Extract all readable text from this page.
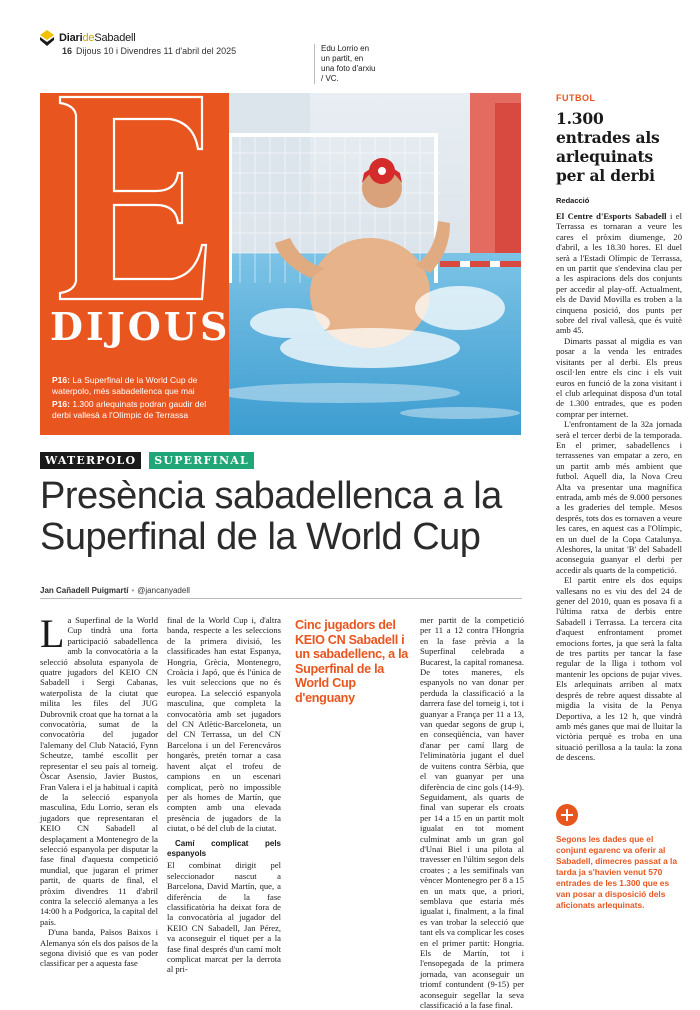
DiarideSabadell
16 Dijous 10 i Divendres 11 d'abril del 2025	Edu Lorrio en un partit, en una foto d'arxiu / VC.
DIJOUS
P16: La Superfinal de la World Cup de waterpolo, més sabadellenca que mai
P16: 1.300 arlequinats podran gaudir del derbi vallesà a l'Olímpic de Terrassa
WATERPOLO	SUPERFINAL
Presència sabadellenca a la Superfinal de la World Cup
Jan Cañadell Puigmartí • @jancanyadell

La Superfinal de la World Cup tindrà una forta participació sabadellenca amb la convocatòria a la selecció absoluta espanyola de quatre jugadors del KEIO CN Sabadell i Sergi Cabanas, waterpolista de la ciutat que milita les files del JUG Dubrovnik croat que ha tornat a la convocatòria, sumat de la convocatòria del jugador l'alemany del Club Natació, Fynn Scheutze, també escollit per representar el seu país al torneig. Òscar Asensio, Javier Bustos, Fran Valera i el ja habitual i capità de la selecció espanyola masculina, Edu Lorrio, seran els jugadors que representaran el KEIO CN Sabadell al desplaçament a Montenegro de la selecció espanyola per disputar la fase final d'aquesta competició mundial, que jugaran el primer partit, de quarts de final, el pròxim divendres 11 d'abril contra la selecció alemanya a les 14:00 h a Podgorica, la capital del país.

D'una banda, Països Baixos i Alemanya són els dos països de la segona divisió que es van poder classificar per a aquesta fase

final de la World Cup i, d'altra banda, respecte a les seleccions de la primera divisió, les classificades han estat Espanya, Hongria, Grècia, Montenegro, Croàcia i Japó, que és l'única de les vuit seleccions que no és europea. La selecció espanyola masculina, que completa la convocatòria amb set jugadors del CN Atlètic-Barceloneta, un del CN Terrassa, un del CN Barcelona i un del Ferencváros hongarès, pretén tornar a casa havent alçat el trofeu de campions en un escenari complicat, però no impossible per als homes de Martín, que compten amb una elevada presència de jugadors de la ciutat, o bé del club de la ciutat.

Camí complicat pels espanyols

El combinat dirigit pel seleccionador nascut a Barcelona, David Martín, que, a diferència de la fase classificatòria ha deixat fora de la convocatòria al jugador del KEIO CN Sabadell, Jan Pérez, va aconseguir el tiquet per a la fase final després d'un camí molt complicat marcat per la derrota al pri-

Cinc jugadors del KEIO CN Sabadell i un sabadellenc, a la Superfinal de la World Cup d'enguany

mer partit de la competició per 11 a 12 contra l'Hongria en la fase prèvia a la Superfinal celebrada a Bucarest, la capital romanesa. De totes maneres, els espanyols no van donar per perduda la classificació a la darrera fase del torneig i, tot i guanyar a França per 11 a 13, van quedar segons de grup i, en conseqüència, van haver d'anar per camí llarg de l'eliminatòria jugant el duel de vuitens contra Sèrbia, que el van guanyar per una diferència de cinc gols (14-9). Seguidament, als quarts de final van superar els croats per 14 a 15 en un partit molt igualat en tot moment culminat amb un gran gol d'Unai Biel i una pilota al travesser en l'últim segon dels croates ; a les semifinals van vèncer Montenegro per 8 a 15 en un matx que, a priori, semblava que estaria més igualat i, finalment, a la final es van trobar la selecció que tant els va complicar les coses en el primer partit: Hongria. Els de Martín, tot i l'ensopegada de la primera jornada, van aconseguir un triomf contundent (9-15) per aconseguir segellar la seva classificació a la fase final.

FUTBOL
1.300 entrades als arlequinats per al derbi
Redacció

El Centre d'Esports Sabadell i el Terrassa es tornaran a veure les cares el pròxim diumenge, 20 d'abril, a les 18.30 hores. El duel serà a l'Estadi Olímpic de Terrassa, en un partit que s'endevina clau per a les aspiracions dels dos conjunts per accedir al play-off. Actualment, els de David Movilla es troben a la cinquena posició, dos punts per sobre del rival vallesà, que és vuitè amb 45.

Dimarts passat al migdia es van posar a la venda les entrades visitants per al derbi. Els preus oscil·len entre els cinc i els vuit euros en funció de la zona visitant i el club arlequinat disposa d'un total de 1.300 entrades, que es poden comprar per internet.

L'enfrontament de la 32a jornada serà el tercer derbi de la temporada. En el primer, sabadellencs i terrassenes van empatar a zero, en un partit amb més ambient que futbol. Aquell dia, la Nova Creu Alta va presentar una magnífica entrada, amb més de 9.000 persones a les graderies del temple. Mesos després, tots dos es tornaven a veure les cares, en aquest cas a l'Olímpic, en un duel de la Copa Catalunya. Aleshores, la unitat 'B' del Sabadell aconseguia guanyar el derbi per accedir als quarts de la competició.

El partit entre els dos equips vallesans no es viu des del 24 de gener del 2010, quan es posava fi a l'última ratxa de derbis entre Sabadell i Terrassa. La tercera cita d'aquest enfrontament promet emocions fortes, ja que serà la falta de tres partits per tancar la fase regular de la lliga i tothom vol mantenir les opcions de pujar vives. Els arlequinats arriben al matx després de rebre aquest dissabte al migdia la visita de la Penya Deportiva, a les 12 h, que vindrà amb més ganes que mai de lluitar la victòria perquè es troba en una situació perillosa a la taula: la zona de descens.

Segons les dades que el conjunt egarenc va oferir al Sabadell, dimecres passat a la tarda ja s'havien venut 570 entrades de les 1.300 que es van posar a disposició dels aficionats arlequinats.
